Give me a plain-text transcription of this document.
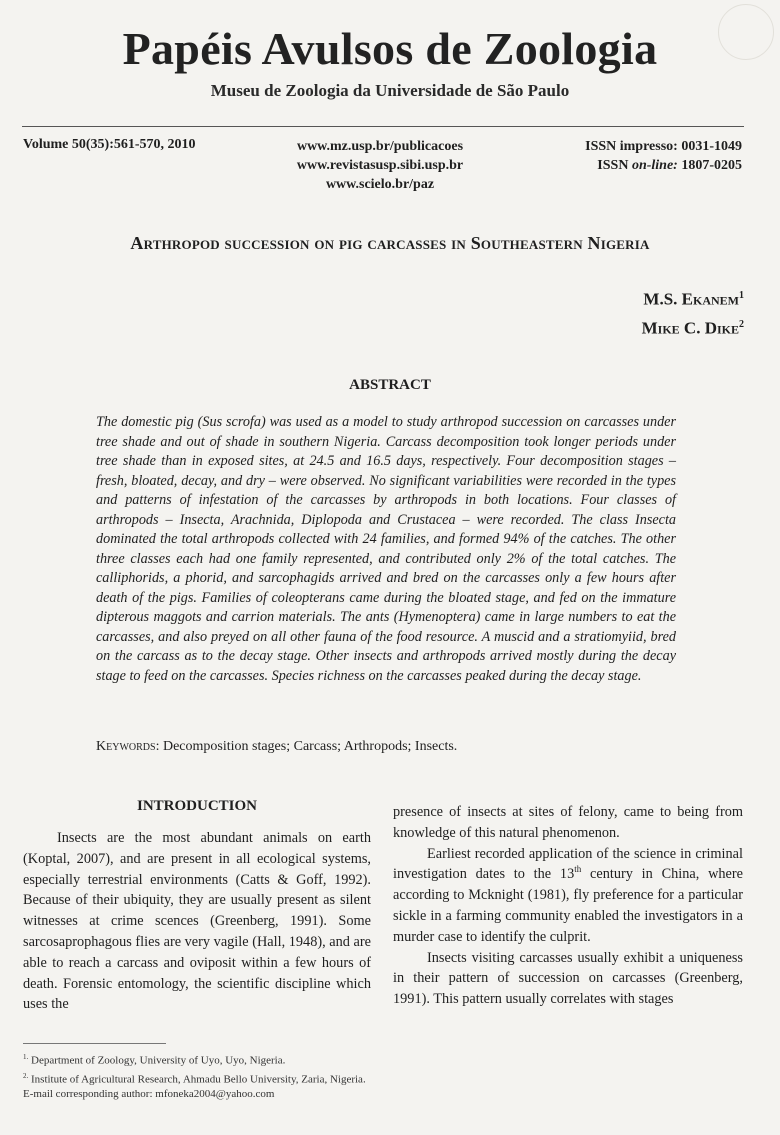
Papéis Avulsos de Zoologia
Museu de Zoologia da Universidade de São Paulo
Volume 50(35):561-570, 2010	www.mz.usp.br/publicacoes
www.revistasusp.sibi.usp.br
www.scielo.br/paz
ISSN impresso: 0031-1049
ISSN on-line: 1807-0205
Arthropod succession on pig carcasses in Southeastern Nigeria
M.S. Ekanem$^1$
Mike C. Dike$^2$
ABSTRACT
The domestic pig (Sus scrofa) was used as a model to study arthropod succession on carcasses under tree shade and out of shade in southern Nigeria. Carcass decomposition took longer periods under tree shade than in exposed sites, at 24.5 and 16.5 days, respectively. Four decomposition stages – fresh, bloated, decay, and dry – were observed. No significant variabilities were recorded in the types and patterns of infestation of the carcasses by arthropods in both locations. Four classes of arthropods – Insecta, Arachnida, Diplopoda and Crustacea – were recorded. The class Insecta dominated the total arthropods collected with 24 families, and formed 94% of the catches. The other three classes each had one family represented, and contributed only 2% of the total catches. The calliphorids, a phorid, and sarcophagids arrived and bred on the carcasses only a few hours after death of the pigs. Families of coleopterans came during the bloated stage, and fed on the immature dipterous maggots and carrion materials. The ants (Hymenoptera) came in large numbers to eat the carcasses, and also preyed on all other fauna of the food resource. A muscid and a stratiomyiid, bred on the carcass as to the decay stage. Other insects and arthropods arrived mostly during the decay stage to feed on the carcasses. Species richness on the carcasses peaked during the decay stage.
Keywords: Decomposition stages; Carcass; Arthropods; Insects.
INTRODUCTION

Insects are the most abundant animals on earth (Koptal, 2007), and are present in all ecological systems, especially terrestrial environments (Catts & Goff, 1992). Because of their ubiquity, they are usually present as silent witnesses at crime scences (Greenberg, 1991). Some sarcosaprophagous flies are very vagile (Hall, 1948), and are able to reach a carcass and oviposit within a few hours of death. Forensic entomology, the scientific discipline which uses the

presence of insects at sites of felony, came to being from knowledge of this natural phenomenon.

Earliest recorded application of the science in criminal investigation dates to the 13th century in China, where according to Mcknight (1981), fly preference for a particular sickle in a farming community enabled the investigators in a murder case to identify the culprit.

Insects visiting carcasses usually exhibit a uniqueness in their pattern of succession on carcasses (Greenberg, 1991). This pattern usually correlates with stages

$^{1.}$ Department of Zoology, University of Uyo, Uyo, Nigeria.
$^{2.}$ Institute of Agricultural Research, Ahmadu Bello University, Zaria, Nigeria.
E-mail corresponding author: mfoneka2004@yahoo.com
